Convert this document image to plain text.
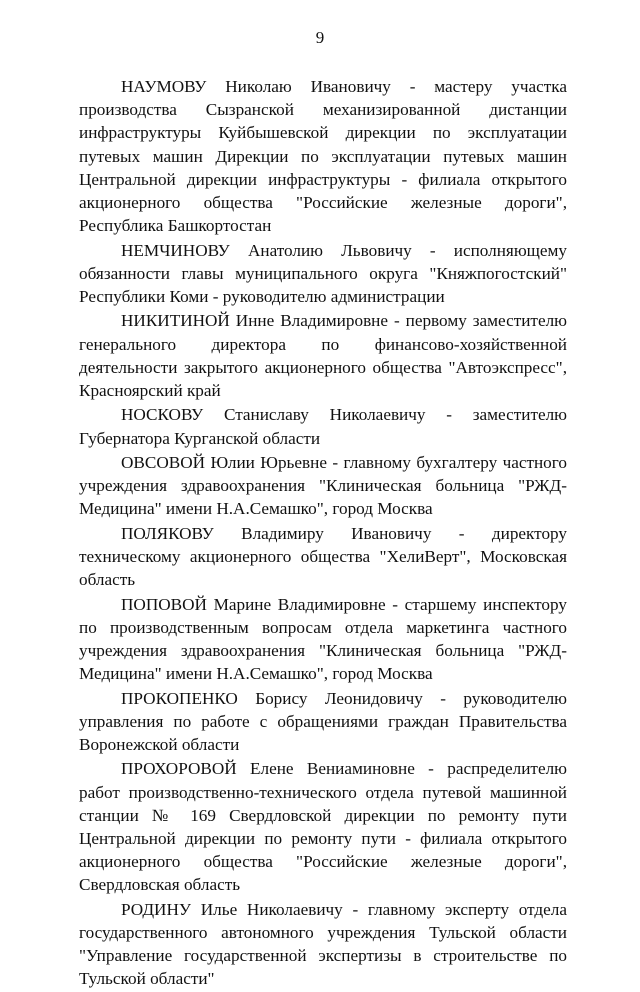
9

НАУМОВУ Николаю Ивановичу - мастеру участка производства Сызранской механизированной дистанции инфраструктуры Куйбышевской дирекции по эксплуатации путевых машин Дирекции по эксплуатации путевых машин Центральной дирекции инфраструктуры - филиала открытого акционерного общества "Российские железные дороги", Республика Башкортостан

НЕМЧИНОВУ Анатолию Львовичу - исполняющему обязанности главы муниципального округа "Княжпогостский" Республики Коми - руководителю администрации

НИКИТИНОЙ Инне Владимировне - первому заместителю генерального директора по финансово-хозяйственной деятельности закрытого акционерного общества "Автоэкспресс", Красноярский край

НОСКОВУ Станиславу Николаевичу - заместителю Губернатора Курганской области

ОВСОВОЙ Юлии Юрьевне - главному бухгалтеру частного учреждения здравоохранения "Клиническая больница "РЖД-Медицина" имени Н.А.Семашко", город Москва

ПОЛЯКОВУ Владимиру Ивановичу - директору техническому акционерного общества "ХелиВерт", Московская область

ПОПОВОЙ Марине Владимировне - старшему инспектору по производственным вопросам отдела маркетинга частного учреждения здравоохранения "Клиническая больница "РЖД-Медицина" имени Н.А.Семашко", город Москва

ПРОКОПЕНКО Борису Леонидовичу - руководителю управления по работе с обращениями граждан Правительства Воронежской области

ПРОХОРОВОЙ Елене Вениаминовне - распределителю работ производственно-технического отдела путевой машинной станции № 169 Свердловской дирекции по ремонту пути Центральной дирекции по ремонту пути - филиала открытого акционерного общества "Российские железные дороги", Свердловская область

РОДИНУ Илье Николаевичу - главному эксперту отдела государственного автономного учреждения Тульской области "Управление государственной экспертизы в строительстве по Тульской области"
